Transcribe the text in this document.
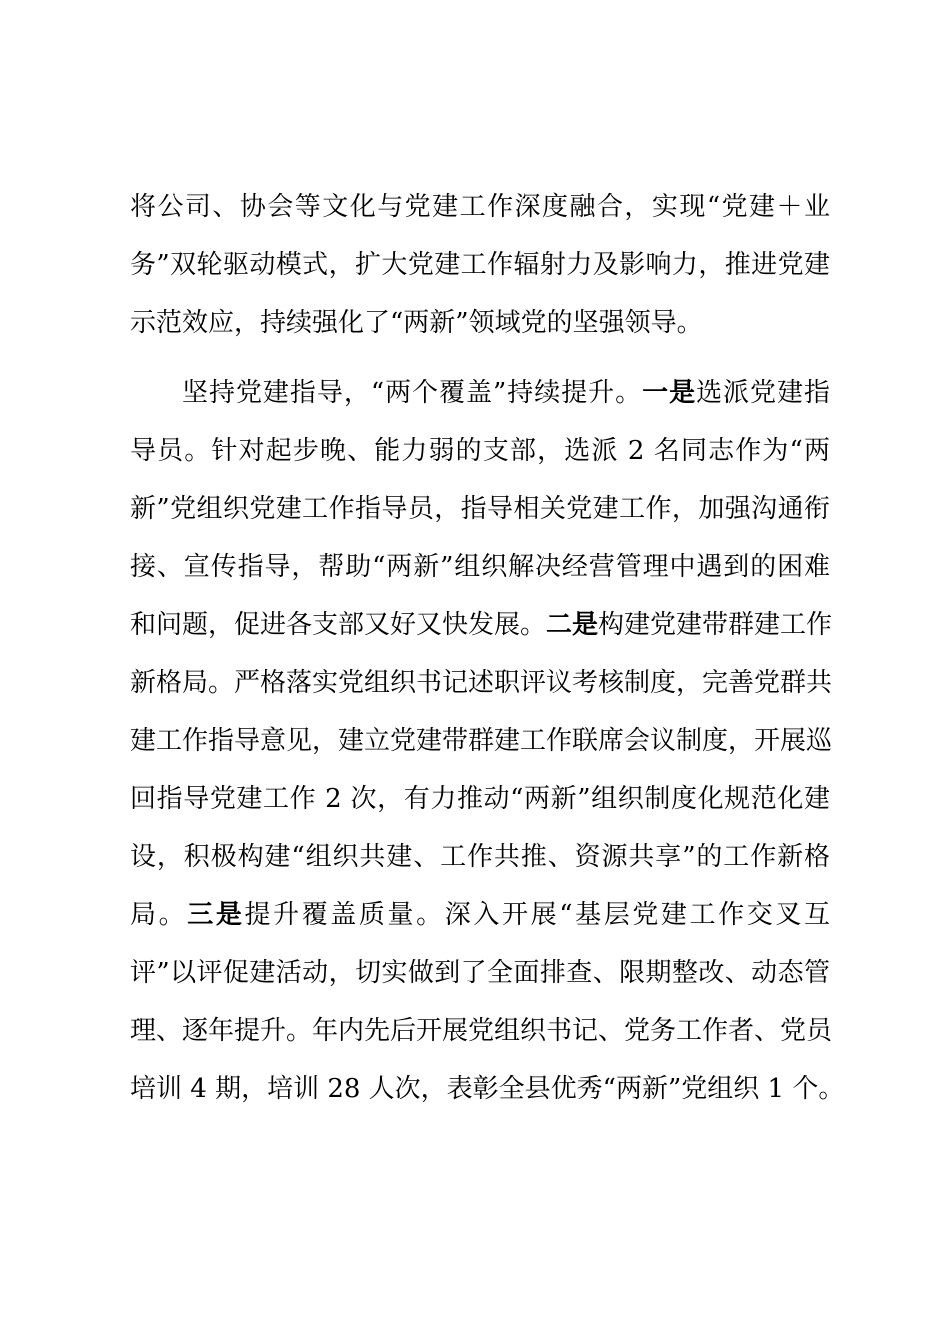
将公司、协会等文化与党建工作深度融合，实现“党建＋业
务”双轮驱动模式，扩大党建工作辐射力及影响力，推进党建
示范效应，持续强化了“两新”领域党的坚强领导。
坚持党建指导，“两个覆盖”持续提升。一是选派党建指
导员。针对起步晚、能力弱的支部，选派 2 名同志作为“两
新”党组织党建工作指导员，指导相关党建工作，加强沟通衔
接、宣传指导，帮助“两新”组织解决经营管理中遇到的困难
和问题，促进各支部又好又快发展。二是构建党建带群建工作
新格局。严格落实党组织书记述职评议考核制度，完善党群共
建工作指导意见，建立党建带群建工作联席会议制度，开展巡
回指导党建工作 2 次，有力推动“两新”组织制度化规范化建
设，积极构建“组织共建、工作共推、资源共享”的工作新格
局。三是提升覆盖质量。深入开展“基层党建工作交叉互
评”以评促建活动，切实做到了全面排查、限期整改、动态管
理、逐年提升。年内先后开展党组织书记、党务工作者、党员
培训 4 期，培训 28 人次，表彰全县优秀“两新”党组织 1 个。
